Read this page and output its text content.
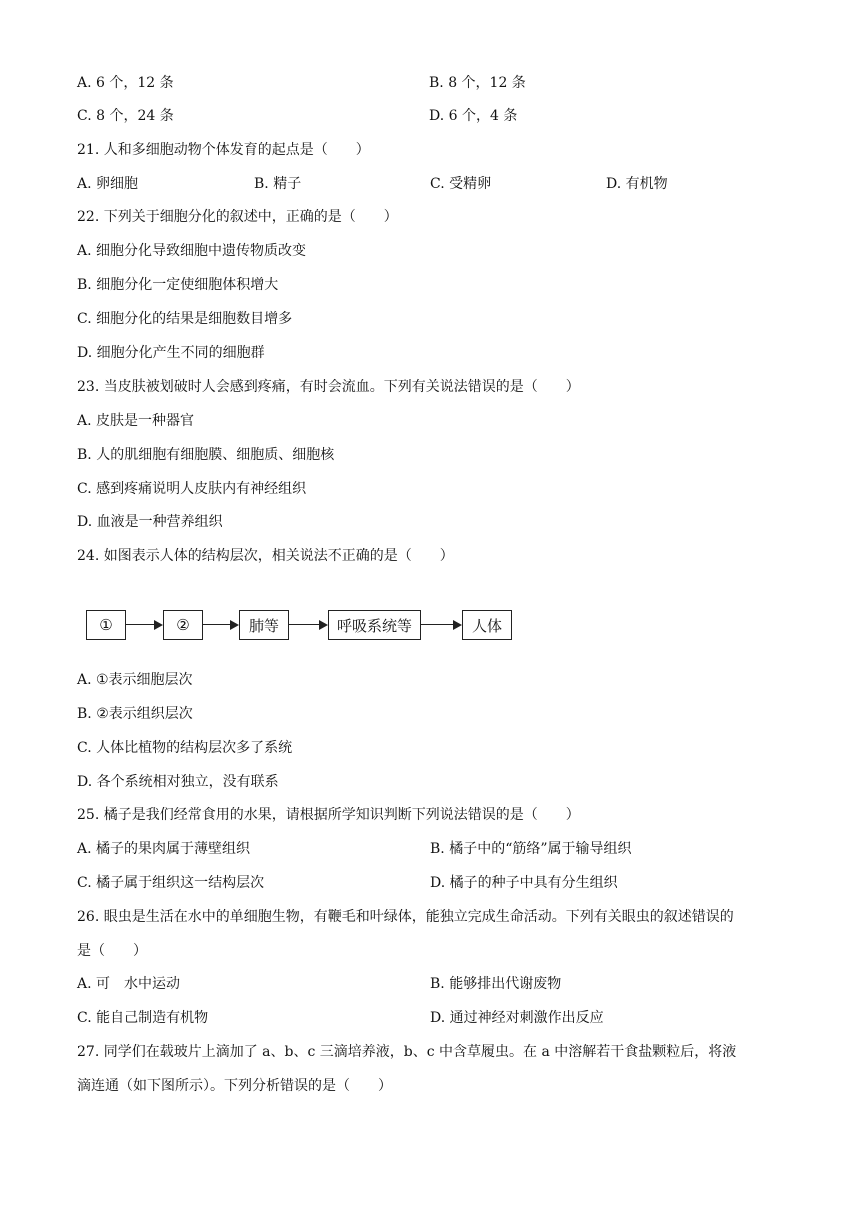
A. 6 个，12 条	B. 8 个，12 条
C. 8 个，24 条	D. 6 个，4 条
21. 人和多细胞动物个体发育的起点是（　　）
A. 卵细胞	B. 精子	C. 受精卵	D. 有机物
22. 下列关于细胞分化的叙述中，正确的是（　　）
A. 细胞分化导致细胞中遗传物质改变
B. 细胞分化一定使细胞体积增大
C. 细胞分化的结果是细胞数目增多
D. 细胞分化产生不同的细胞群
23. 当皮肤被划破时人会感到疼痛，有时会流血。下列有关说法错误的是（　　）
A. 皮肤是一种器官
B. 人的肌细胞有细胞膜、细胞质、细胞核
C. 感到疼痛说明人皮肤内有神经组织
D. 血液是一种营养组织
24. 如图表示人体的结构层次，相关说法不正确的是（　　）
①	②	肺等	呼吸系统等	人体
A. ①表示细胞层次
B. ②表示组织层次
C. 人体比植物的结构层次多了系统
D. 各个系统相对独立，没有联系
25. 橘子是我们经常食用的水果，请根据所学知识判断下列说法错误的是（　　）
A. 橘子的果肉属于薄壁组织	B. 橘子中的“筋络”属于输导组织
C. 橘子属于组织这一结构层次	D. 橘子的种子中具有分生组织
26. 眼虫是生活在水中的单细胞生物，有鞭毛和叶绿体，能独立完成生命活动。下列有关眼虫的叙述错误的
是（　　）
A. 可　水中运动	B. 能够排出代谢废物
C. 能自己制造有机物	D. 通过神经对刺激作出反应
27. 同学们在载玻片上滴加了 a、b、c 三滴培养液，b、c 中含草履虫。在 a 中溶解若干食盐颗粒后，将液
滴连通（如下图所示）。下列分析错误的是（　　）
